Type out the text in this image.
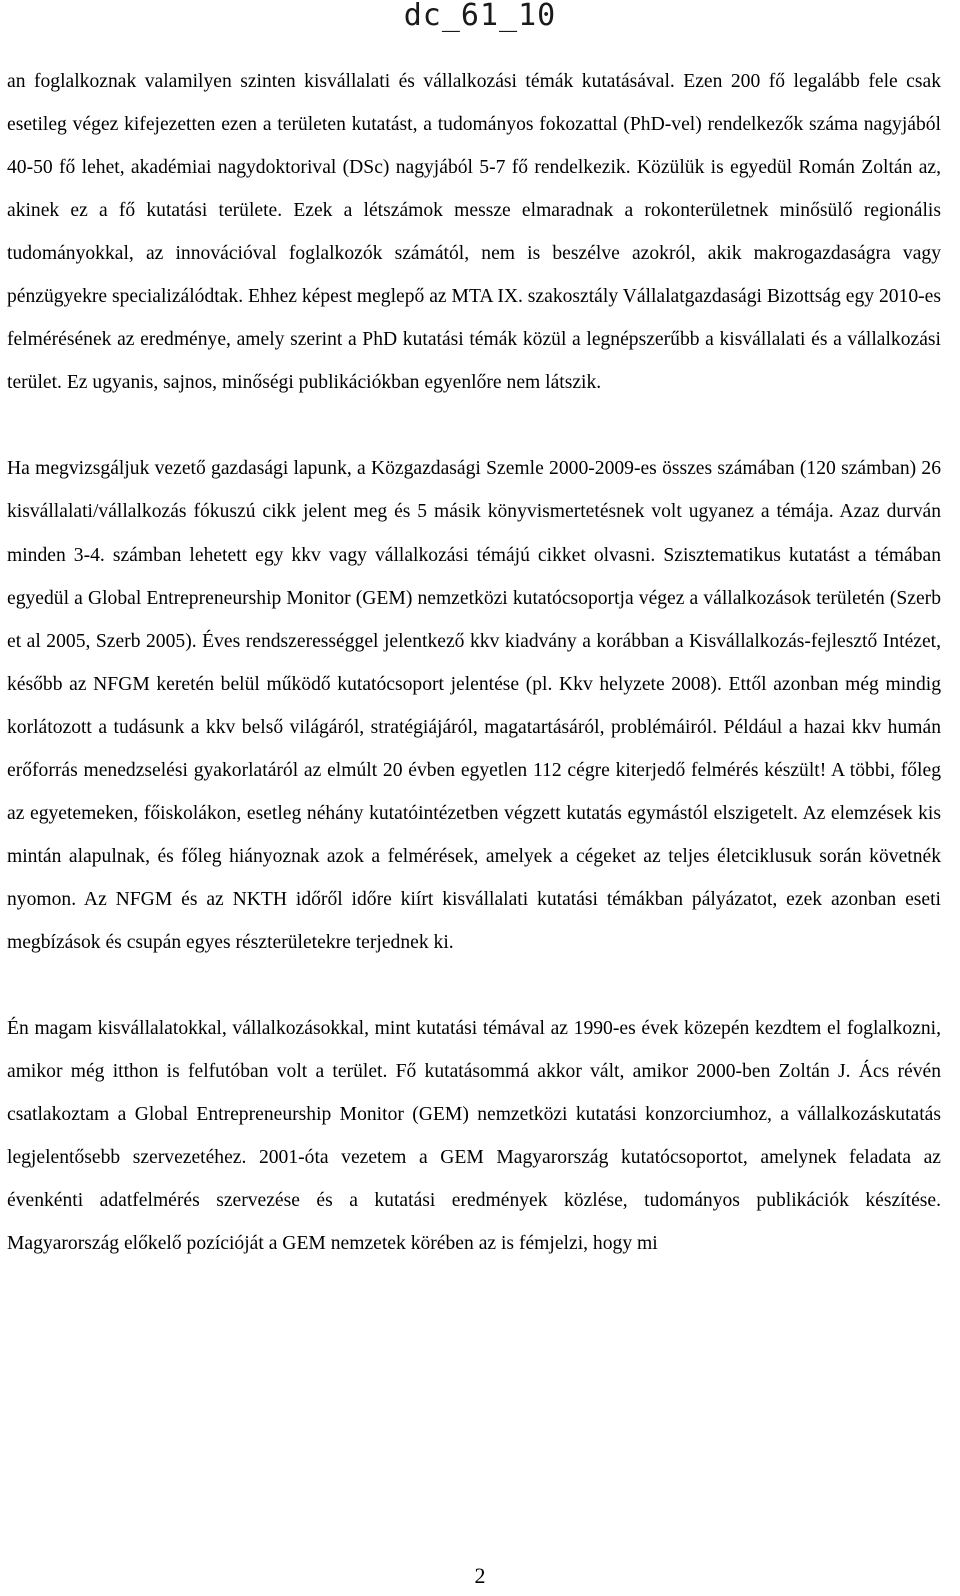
dc_61_10

an foglalkoznak valamilyen szinten kisvállalati és vállalkozási témák kutatásával. Ezen 200 fő legalább fele csak esetileg végez kifejezetten ezen a területen kutatást, a tudományos fokozattal (PhD-vel) rendelkezők száma nagyjából 40-50 fő lehet, akadémiai nagydoktorival (DSc) nagyjából 5-7 fő rendelkezik. Közülük is egyedül Román Zoltán az, akinek ez a fő kutatási területe. Ezek a létszámok messze elmaradnak a rokonterületnek minősülő regionális tudományokkal, az innovációval foglalkozók számától, nem is beszélve azokról, akik makrogazdaságra vagy pénzügyekre specializálódtak. Ehhez képest meglepő az MTA IX. szakosztály Vállalatgazdasági Bizottság egy 2010-es felmérésének az eredménye, amely szerint a PhD kutatási témák közül a legnépszerűbb a kisvállalati és a vállalkozási terület. Ez ugyanis, sajnos, minőségi publikációkban egyenlőre nem látszik.

Ha megvizsgáljuk vezető gazdasági lapunk, a Közgazdasági Szemle 2000-2009-es összes számában (120 számban) 26 kisvállalati/vállalkozás fókuszú cikk jelent meg és 5 másik könyvismertetésnek volt ugyanez a témája. Azaz durván minden 3-4. számban lehetett egy kkv vagy vállalkozási témájú cikket olvasni. Szisztematikus kutatást a témában egyedül a Global Entrepreneurship Monitor (GEM) nemzetközi kutatócsoportja végez a vállalkozások területén (Szerb et al 2005, Szerb 2005). Éves rendszerességgel jelentkező kkv kiadvány a korábban a Kisvállalkozás-fejlesztő Intézet, később az NFGM keretén belül működő kutatócsoport jelentése (pl. Kkv helyzete 2008). Ettől azonban még mindig korlátozott a tudásunk a kkv belső világáról, stratégiájáról, magatartásáról, problémáiról. Például a hazai kkv humán erőforrás menedzselési gyakorlatáról az elmúlt 20 évben egyetlen 112 cégre kiterjedő felmérés készült! A többi, főleg az egyetemeken, főiskolákon, esetleg néhány kutatóintézetben végzett kutatás egymástól elszigetelt. Az elemzések kis mintán alapulnak, és főleg hiányoznak azok a felmérések, amelyek a cégeket az teljes életciklusuk során követnék nyomon. Az NFGM és az NKTH időről időre kiírt kisvállalati kutatási témákban pályázatot, ezek azonban eseti megbízások és csupán egyes részterületekre terjednek ki.

Én magam kisvállalatokkal, vállalkozásokkal, mint kutatási témával az 1990-es évek közepén kezdtem el foglalkozni, amikor még itthon is felfutóban volt a terület. Fő kutatásommá akkor vált, amikor 2000-ben Zoltán J. Ács révén csatlakoztam a Global Entrepreneurship Monitor (GEM) nemzetközi kutatási konzorciumhoz, a vállalkozáskutatás legjelentősebb szervezetéhez. 2001-óta vezetem a GEM Magyarország kutatócsoportot, amelynek feladata az évenkénti adatfelmérés szervezése és a kutatási eredmények közlése, tudományos publikációk készítése. Magyarország előkelő pozícióját a GEM nemzetek körében az is fémjelzi, hogy mi

2
